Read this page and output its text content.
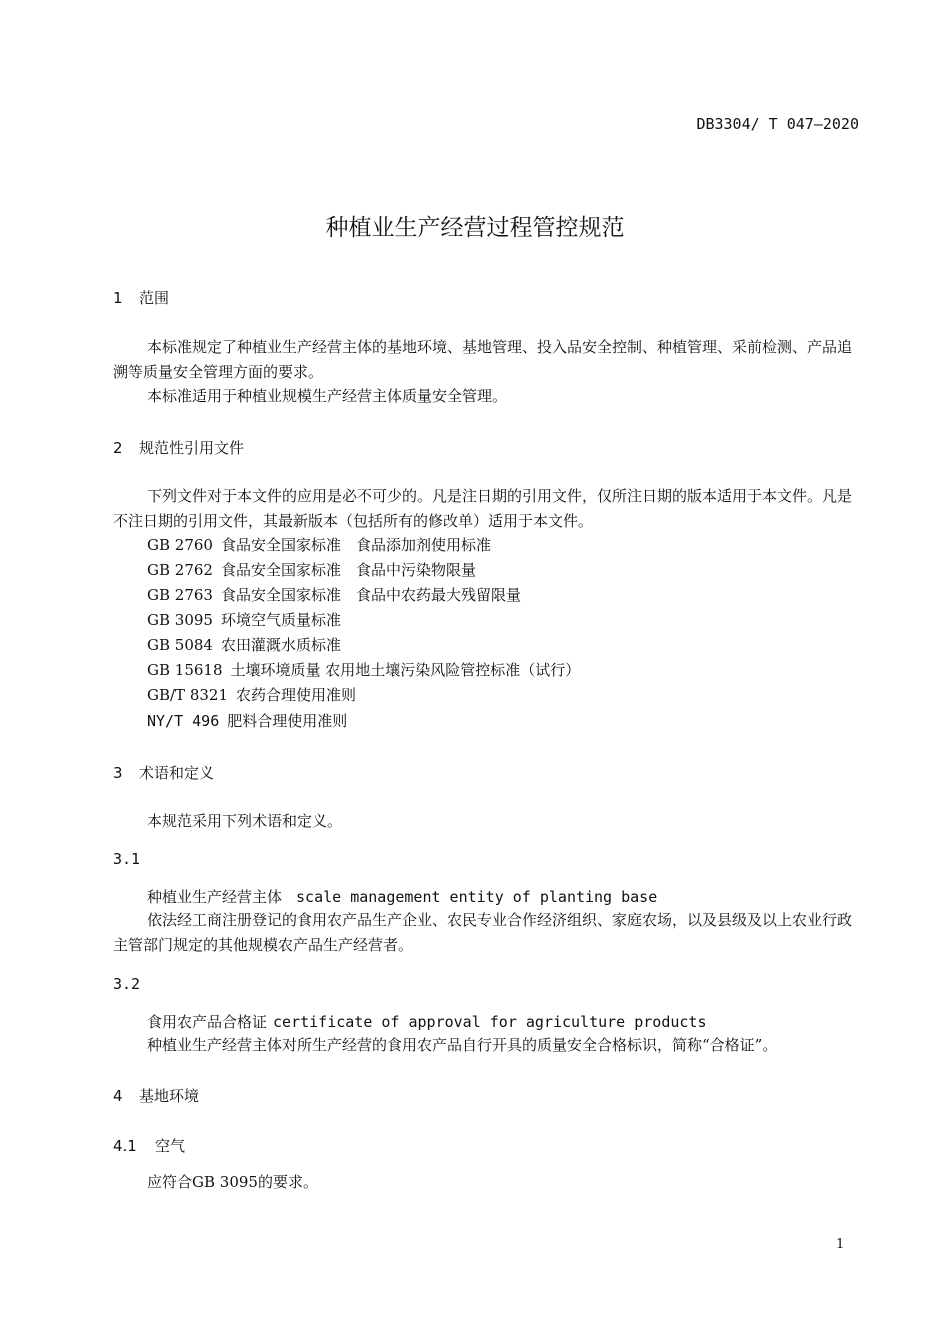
DB3304/ T 047—2020
种植业生产经营过程管控规范
1 范围
本标准规定了种植业生产经营主体的基地环境、基地管理、投入品安全控制、种植管理、采前检测、产品追溯等质量安全管理方面的要求。
本标准适用于种植业规模生产经营主体质量安全管理。
2 规范性引用文件
下列文件对于本文件的应用是必不可少的。凡是注日期的引用文件，仅所注日期的版本适用于本文件。凡是不注日期的引用文件，其最新版本（包括所有的修改单）适用于本文件。
GB 2760 食品安全国家标准　食品添加剂使用标准
GB 2762 食品安全国家标准　食品中污染物限量
GB 2763 食品安全国家标准　食品中农药最大残留限量
GB 3095 环境空气质量标准
GB 5084 农田灌溉水质标准
GB 15618 土壤环境质量 农用地土壤污染风险管控标准（试行）
GB/T 8321 农药合理使用准则
NY/T 496 肥料合理使用准则
3 术语和定义
本规范采用下列术语和定义。
3.1
种植业生产经营主体 scale management entity of planting base
依法经工商注册登记的食用农产品生产企业、农民专业合作经济组织、家庭农场，以及县级及以上农业行政主管部门规定的其他规模农产品生产经营者。
3.2
食用农产品合格证 certificate of approval for agriculture products
种植业生产经营主体对所生产经营的食用农产品自行开具的质量安全合格标识，简称“合格证”。
4 基地环境
4.1 空气
应符合GB 3095的要求。
1
